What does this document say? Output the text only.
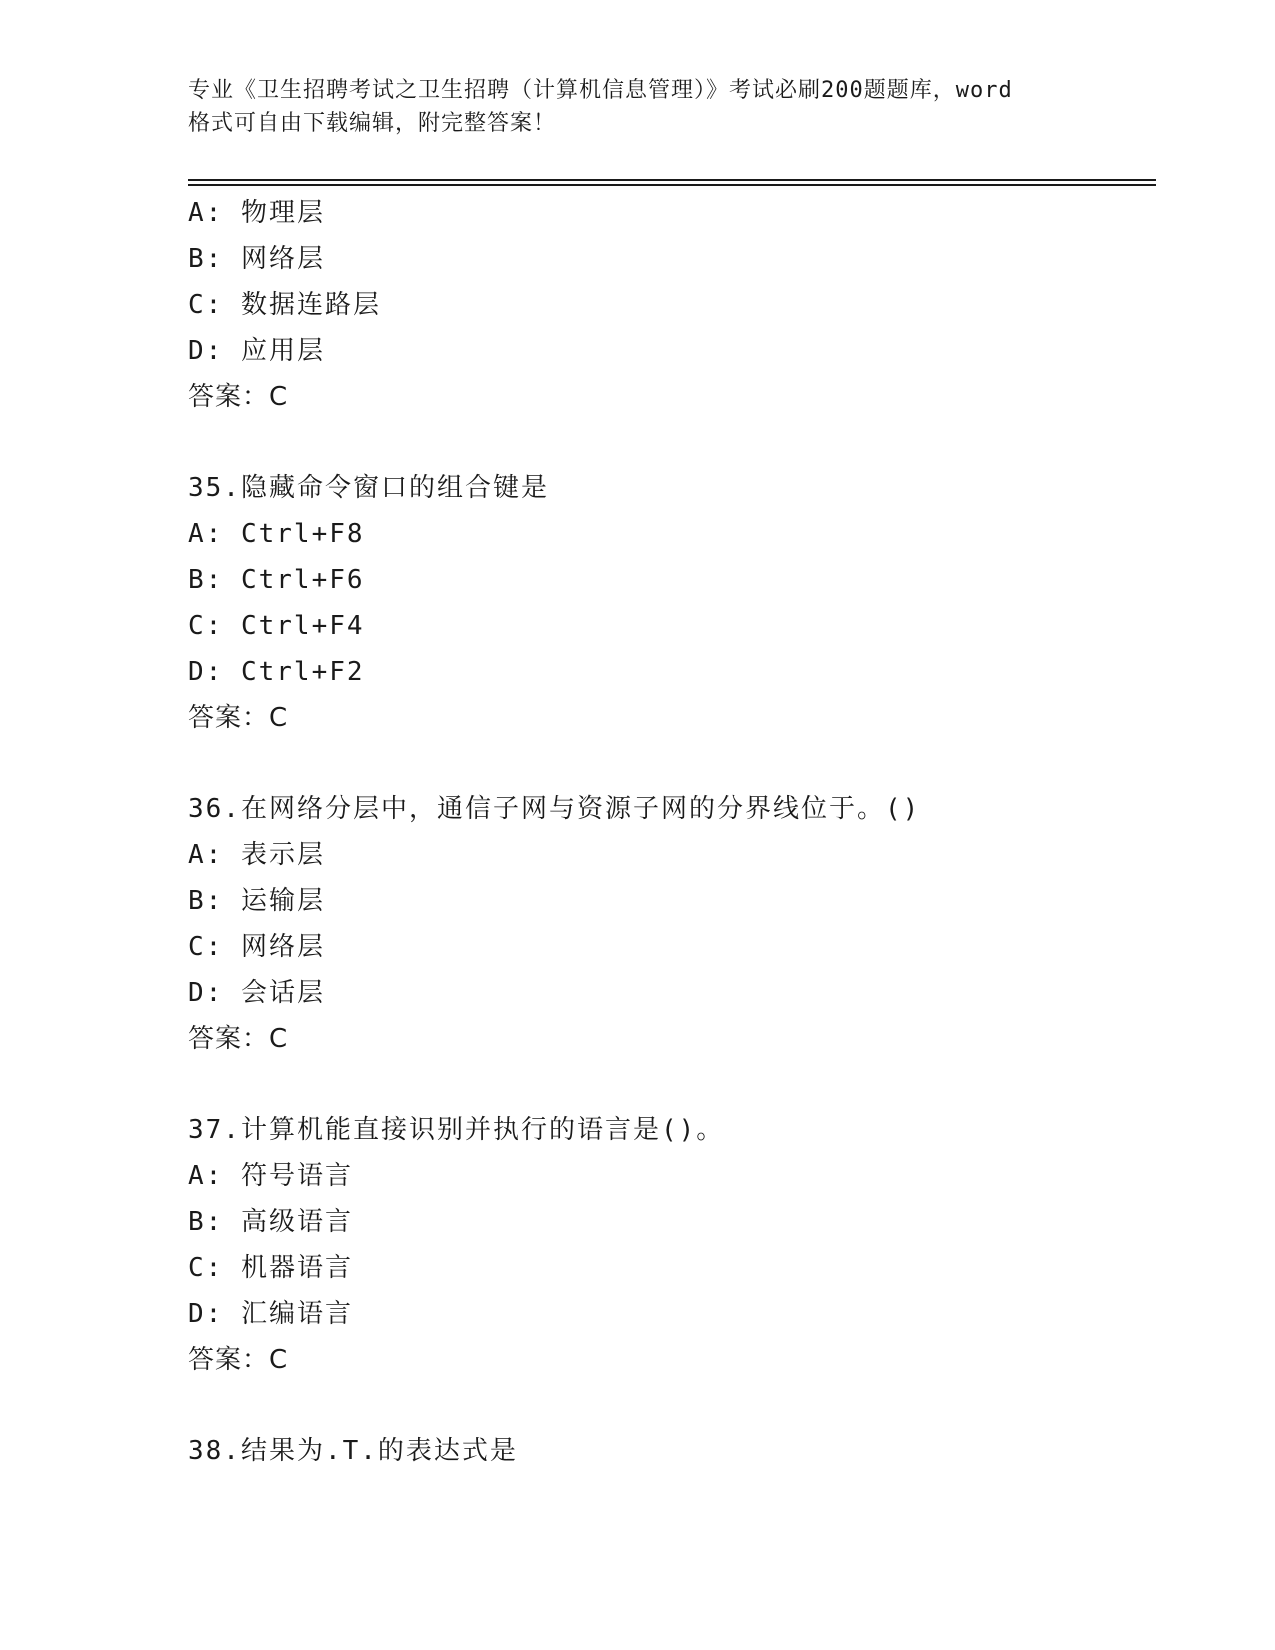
专业《卫生招聘考试之卫生招聘（计算机信息管理）》考试必刷200题题库，word
格式可自由下载编辑，附完整答案！
A: 物理层
B: 网络层
C: 数据连路层
D: 应用层
答案：C
35.隐藏命令窗口的组合键是
A: Ctrl+F8
B: Ctrl+F6
C: Ctrl+F4
D: Ctrl+F2
答案：C
36.在网络分层中，通信子网与资源子网的分界线位于。()
A: 表示层
B: 运输层
C: 网络层
D: 会话层
答案：C
37.计算机能直接识别并执行的语言是()。
A: 符号语言
B: 高级语言
C: 机器语言
D: 汇编语言
答案：C
38.结果为.T.的表达式是
